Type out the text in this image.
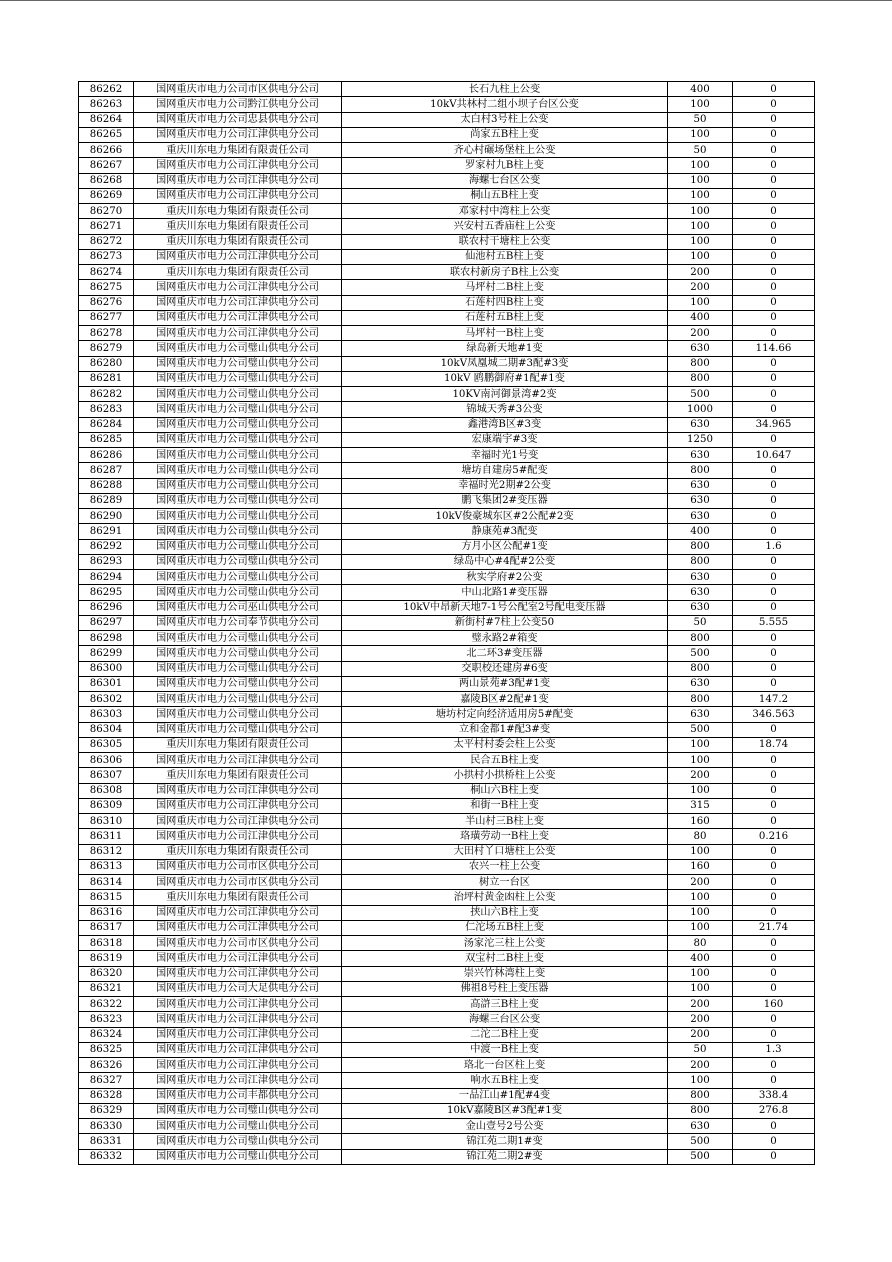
86262	国网重庆市电力公司市区供电分公司	长石九柱上公变	400	0
86263	国网重庆市电力公司黔江供电分公司	10kV共林村二组小坝子台区公变	100	0
86264	国网重庆市电力公司忠县供电分公司	太白村3号柱上公变	50	0
86265	国网重庆市电力公司江津供电分公司	尚家五B柱上变	100	0
86266	重庆川东电力集团有限责任公司	齐心村碾场堡柱上公变	50	0
86267	国网重庆市电力公司江津供电分公司	罗家村九B柱上变	100	0
86268	国网重庆市电力公司江津供电分公司	海螺七台区公变	100	0
86269	国网重庆市电力公司江津供电分公司	桐山五B柱上变	100	0
86270	重庆川东电力集团有限责任公司	邓家村中湾柱上公变	100	0
86271	重庆川东电力集团有限责任公司	兴安村五香庙柱上公变	100	0
86272	重庆川东电力集团有限责任公司	联农村干塘柱上公变	100	0
86273	国网重庆市电力公司江津供电分公司	仙池村五B柱上变	100	0
86274	重庆川东电力集团有限责任公司	联农村新房子B柱上公变	200	0
86275	国网重庆市电力公司江津供电分公司	马坪村二B柱上变	200	0
86276	国网重庆市电力公司江津供电分公司	石莲村四B柱上变	100	0
86277	国网重庆市电力公司江津供电分公司	石莲村五B柱上变	400	0
86278	国网重庆市电力公司江津供电分公司	马坪村一B柱上变	200	0
86279	国网重庆市电力公司璧山供电分公司	绿岛新天地#1变	630	114.66
86280	国网重庆市电力公司璧山供电分公司	10kV凤凰城二期#3配#3变	800	0
86281	国网重庆市电力公司璧山供电分公司	10kV 鸥鹏御府#1配#1变	800	0
86282	国网重庆市电力公司璧山供电分公司	10KV南河御景湾#2变	500	0
86283	国网重庆市电力公司璧山供电分公司	锦城天秀#3公变	1000	0
86284	国网重庆市电力公司璧山供电分公司	鑫港湾B区#3变	630	34.965
86285	国网重庆市电力公司璧山供电分公司	宏康端宇#3变	1250	0
86286	国网重庆市电力公司璧山供电分公司	幸福时光1号变	630	10.647
86287	国网重庆市电力公司璧山供电分公司	塘坊自建房5#配变	800	0
86288	国网重庆市电力公司璧山供电分公司	幸福时光2期#2公变	630	0
86289	国网重庆市电力公司璧山供电分公司	鹏飞集团2#变压器	630	0
86290	国网重庆市电力公司璧山供电分公司	10kV俊豪城东区#2公配#2变	630	0
86291	国网重庆市电力公司璧山供电分公司	静康苑#3配变	400	0
86292	国网重庆市电力公司璧山供电分公司	方月小区公配#1变	800	1.6
86293	国网重庆市电力公司璧山供电分公司	绿岛中心#4配#2公变	800	0
86294	国网重庆市电力公司璧山供电分公司	秋实学府#2公变	630	0
86295	国网重庆市电力公司璧山供电分公司	中山北路1#变压器	630	0
86296	国网重庆市电力公司巫山供电分公司	10kV中昂新天地7-1号公配室2号配电变压器	630	0
86297	国网重庆市电力公司奉节供电分公司	新街村#7柱上公变50	50	5.555
86298	国网重庆市电力公司璧山供电分公司	璧永路2#箱变	800	0
86299	国网重庆市电力公司璧山供电分公司	北二环3#变压器	500	0
86300	国网重庆市电力公司璧山供电分公司	交职校还建房#6变	800	0
86301	国网重庆市电力公司璧山供电分公司	两山景苑#3配#1变	630	0
86302	国网重庆市电力公司璧山供电分公司	嘉陵B区#2配#1变	800	147.2
86303	国网重庆市电力公司璧山供电分公司	塘坊村定向经济适用房5#配变	630	346.563
86304	国网重庆市电力公司璧山供电分公司	立和金都1#配3#变	500	0
86305	重庆川东电力集团有限责任公司	太平村村委会柱上公变	100	18.74
86306	国网重庆市电力公司江津供电分公司	民合五B柱上变	100	0
86307	重庆川东电力集团有限责任公司	小拱村小拱桥柱上公变	200	0
86308	国网重庆市电力公司江津供电分公司	桐山六B柱上变	100	0
86309	国网重庆市电力公司江津供电分公司	和街一B柱上变	315	0
86310	国网重庆市电力公司江津供电分公司	半山村三B柱上变	160	0
86311	国网重庆市电力公司江津供电分公司	珞璜劳动一B柱上变	80	0.216
86312	重庆川东电力集团有限责任公司	大田村丫口塘柱上公变	100	0
86313	国网重庆市电力公司市区供电分公司	农兴一柱上公变	160	0
86314	国网重庆市电力公司市区供电分公司	树立一台区	200	0
86315	重庆川东电力集团有限责任公司	治坪村黄金凼柱上公变	100	0
86316	国网重庆市电力公司江津供电分公司	挟山六B柱上变	100	0
86317	国网重庆市电力公司江津供电分公司	仁沱场五B柱上变	100	21.74
86318	国网重庆市电力公司市区供电分公司	汤家沱三柱上公变	80	0
86319	国网重庆市电力公司江津供电分公司	双宝村二B柱上变	400	0
86320	国网重庆市电力公司江津供电分公司	崇兴竹林湾柱上变	100	0
86321	国网重庆市电力公司大足供电分公司	佛祖8号柱上变压器	100	0
86322	国网重庆市电力公司江津供电分公司	高滸三B柱上变	200	160
86323	国网重庆市电力公司江津供电分公司	海螺三台区公变	200	0
86324	国网重庆市电力公司江津供电分公司	二沱二B柱上变	200	0
86325	国网重庆市电力公司江津供电分公司	中渡一B柱上变	50	1.3
86326	国网重庆市电力公司江津供电分公司	珞北一台区柱上变	200	0
86327	国网重庆市电力公司江津供电分公司	响水五B柱上变	100	0
86328	国网重庆市电力公司丰都供电分公司	一品江山#1配#4变	800	338.4
86329	国网重庆市电力公司璧山供电分公司	10kV嘉陵B区#3配#1变	800	276.8
86330	国网重庆市电力公司璧山供电分公司	金山壹号2号公变	630	0
86331	国网重庆市电力公司璧山供电分公司	锦江苑二期1#变	500	0
86332	国网重庆市电力公司璧山供电分公司	锦江苑二期2#变	500	0
